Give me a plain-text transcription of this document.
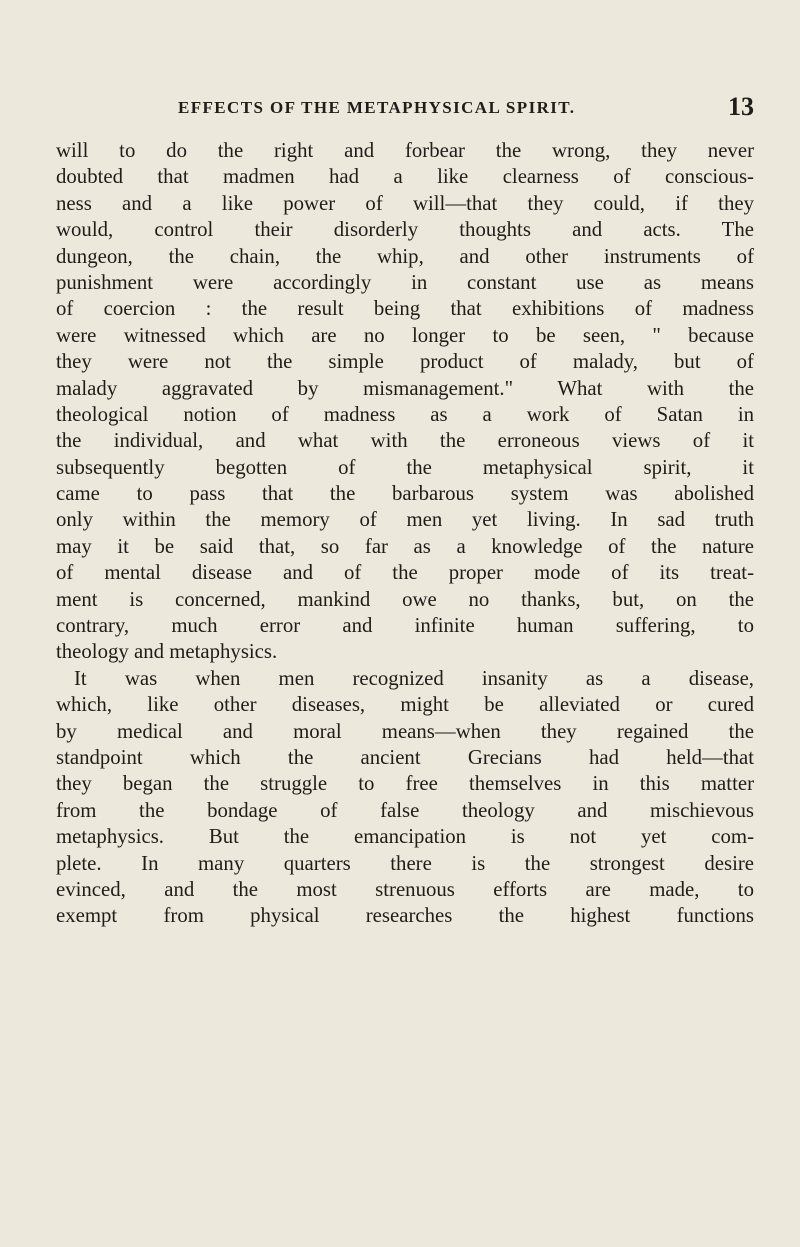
EFFECTS OF THE METAPHYSICAL SPIRIT.	13
will to do the right and forbear the wrong, they never
doubted that madmen had a like clearness of conscious-
ness and a like power of will—that they could, if they
would, control their disorderly thoughts and acts. The
dungeon, the chain, the whip, and other instruments of
punishment were accordingly in constant use as means
of coercion : the result being that exhibitions of madness
were witnessed which are no longer to be seen, " because
they were not the simple product of malady, but of
malady aggravated by mismanagement." What with the
theological notion of madness as a work of Satan in
the individual, and what with the erroneous views of it
subsequently begotten of the metaphysical spirit, it
came to pass that the barbarous system was abolished
only within the memory of men yet living. In sad truth
may it be said that, so far as a knowledge of the nature
of mental disease and of the proper mode of its treat-
ment is concerned, mankind owe no thanks, but, on the
contrary, much error and infinite human suffering, to
theology and metaphysics.
It was when men recognized insanity as a disease,
which, like other diseases, might be alleviated or cured
by medical and moral means—when they regained the
standpoint which the ancient Grecians had held—that
they began the struggle to free themselves in this matter
from the bondage of false theology and mischievous
metaphysics. But the emancipation is not yet com-
plete. In many quarters there is the strongest desire
evinced, and the most strenuous efforts are made, to
exempt from physical researches the highest functions
